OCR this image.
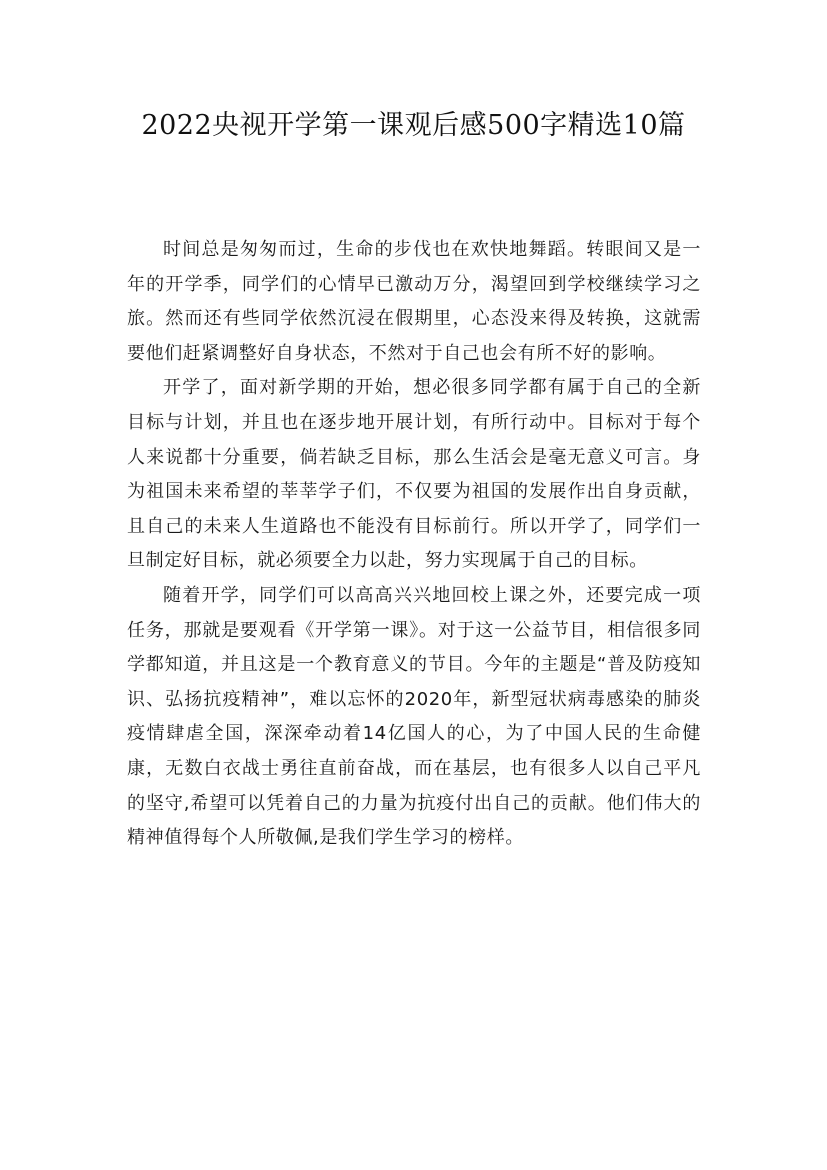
2022央视开学第一课观后感500字精选10篇

时间总是匆匆而过，生命的步伐也在欢快地舞蹈。转眼间又是一年的开学季，同学们的心情早已激动万分，渴望回到学校继续学习之旅。然而还有些同学依然沉浸在假期里，心态没来得及转换，这就需要他们赶紧调整好自身状态，不然对于自己也会有所不好的影响。

开学了，面对新学期的开始，想必很多同学都有属于自己的全新目标与计划，并且也在逐步地开展计划，有所行动中。目标对于每个人来说都十分重要，倘若缺乏目标，那么生活会是毫无意义可言。身为祖国未来希望的莘莘学子们，不仅要为祖国的发展作出自身贡献，且自己的未来人生道路也不能没有目标前行。所以开学了，同学们一旦制定好目标，就必须要全力以赴，努力实现属于自己的目标。

随着开学，同学们可以高高兴兴地回校上课之外，还要完成一项任务，那就是要观看《开学第一课》。对于这一公益节目，相信很多同学都知道，并且这是一个教育意义的节目。今年的主题是“普及防疫知识、弘扬抗疫精神”，难以忘怀的2020年，新型冠状病毒感染的肺炎疫情肆虐全国，深深牵动着14亿国人的心，为了中国人民的生命健康，无数白衣战士勇往直前奋战，而在基层，也有很多人以自己平凡的坚守,希望可以凭着自己的力量为抗疫付出自己的贡献。他们伟大的精神值得每个人所敬佩,是我们学生学习的榜样。
